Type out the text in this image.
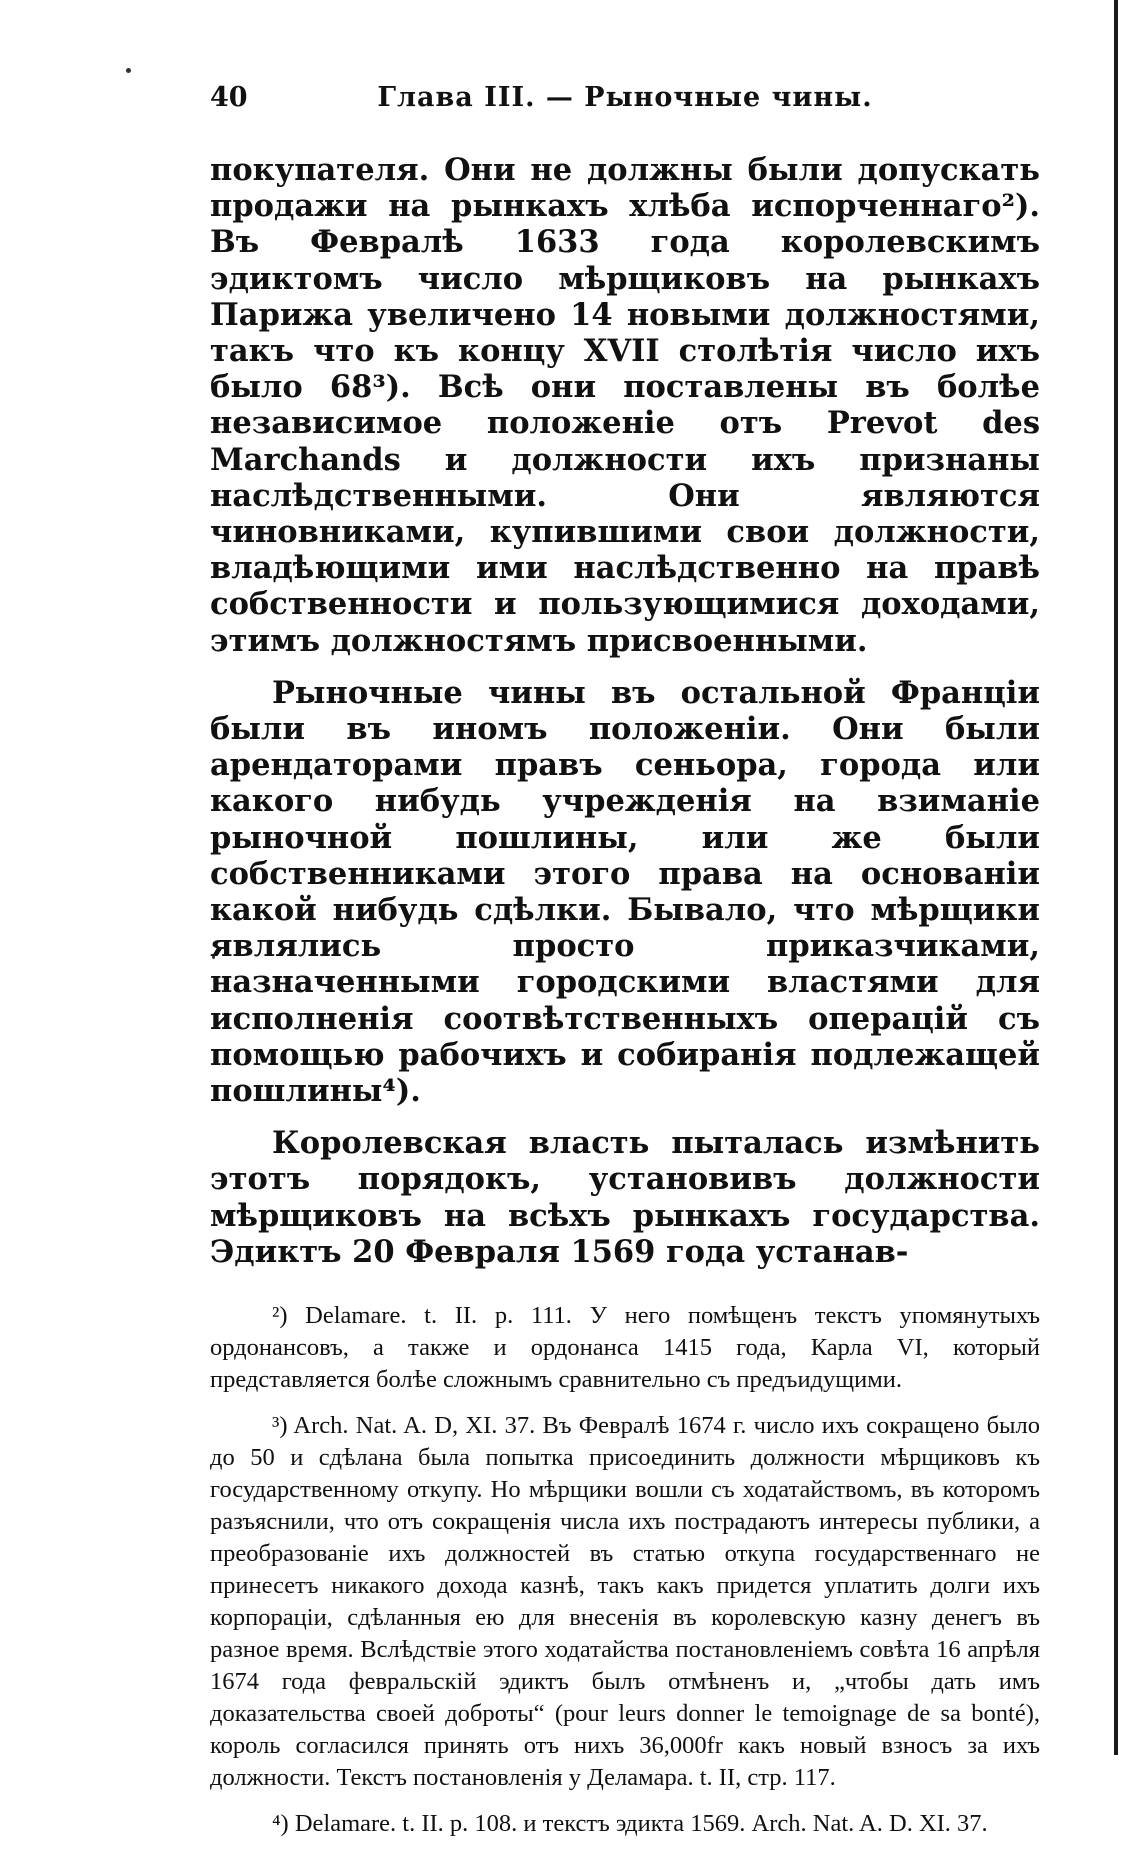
40	Глава III. — Рыночные чины.

покупателя. Они не должны были допускать продажи на рынкахъ хлѣба испорченнаго²). Въ Февралѣ 1633 года королевскимъ эдиктомъ число мѣрщиковъ на рынкахъ Парижа увеличено 14 новыми должностями, такъ что къ концу XVII столѣтія число ихъ было 68³). Всѣ они поставлены въ болѣе независимое положеніе отъ Prevot des Marchands и должности ихъ признаны наслѣдственными. Они являются чиновниками, купившими свои должности, владѣющими ими наслѣдственно на правѣ собственности и пользующимися доходами, этимъ должностямъ присвоенными.

Рыночные чины въ остальной Франціи были въ иномъ положеніи. Они были арендаторами правъ сеньора, города или какого нибудь учрежденія на взиманіе рыночной пошлины, или же были собственниками этого права на основаніи какой нибудь сдѣлки. Бывало, что мѣрщики являлись просто приказчиками, назначенными городскими властями для исполненія соотвѣтственныхъ операцій съ помощью рабочихъ и собиранія подлежащей пошлины⁴).

Королевская власть пыталась измѣнить этотъ порядокъ, установивъ должности мѣрщиковъ на всѣхъ рынкахъ государства. Эдиктъ 20 Февраля 1569 года устанав-

²) Delamare. t. II. p. 111. У него помѣщенъ текстъ упомянутыхъ ордонансовъ, а также и ордонанса 1415 года, Карла VI, который представляется болѣе сложнымъ сравнительно съ предъидущими.

³) Arch. Nat. A. D, XI. 37. Въ Февралѣ 1674 г. число ихъ сокращено было до 50 и сдѣлана была попытка присоединить должности мѣрщиковъ къ государственному откупу. Но мѣрщики вошли съ ходатайствомъ, въ которомъ разъяснили, что отъ сокращенія числа ихъ пострадаютъ интересы публики, а преобразованіе ихъ должностей въ статью откупа государственнаго не принесетъ никакого дохода казнѣ, такъ какъ придется уплатить долги ихъ корпораціи, сдѣланныя ею для внесенія въ королевскую казну денегъ въ разное время. Вслѣдствіе этого ходатайства постановленіемъ совѣта 16 апрѣля 1674 года февральскій эдиктъ былъ отмѣненъ и, „чтобы дать имъ доказательства своей доброты“ (pour leurs donner le temoignage de sa bonté), король согласился принять отъ нихъ 36,000fr какъ новый взносъ за ихъ должности. Текстъ постановленія у Деламара. t. II, стр. 117.

⁴) Delamare. t. II. p. 108. и текстъ эдикта 1569. Arch. Nat. A. D. XI. 37.
